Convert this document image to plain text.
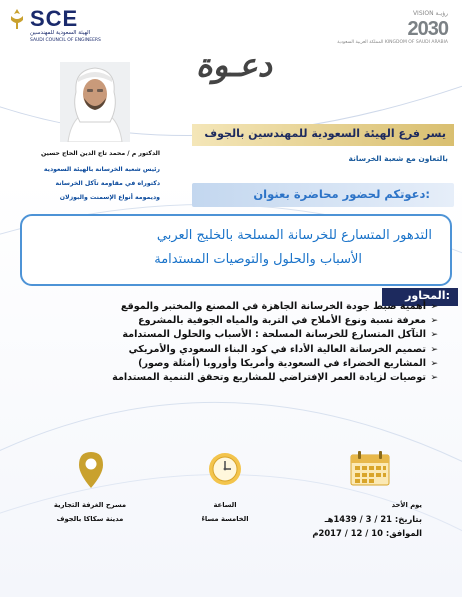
SCE
الهيئة السعودية للمهندسين
SAUDI COUNCIL OF ENGINEERS
VISION رؤيـة
2030
المملكة العربية السعودية KINGDOM OF SAUDI ARABIA
دعـوة
الدكتور م / محمد تاج الدين الحاج حسين
رئيس شعبة الخرسانة بالهيئة السعودية
دكتوراه في مقاومة تآكل الخرسانة
وديمومة أنواع الإسمنت والبوزلان
يسر فرع الهيئة السعودية للمهندسين بالجوف
بالتعاون مع شعبة الخرسانة
دعوتكم لحضور محاضرة بعنوان:
التدهور المتسارع للخرسانة المسلحة بالخليج العربي
الأسباب والحلول والتوصيات المستدامة
المحاور:
➢
أهمية ضبط جودة الخرسانة الجاهزة في المصنع والمختبر والموقع
➢
معرفة نسبة ونوع الأملاح في التربة والمياه الجوفية بالمشروع
➢
التآكل المتسارع للخرسانة المسلحة : الأسباب والحلول المستدامة
➢
تصميم الخرسانة العالية الأداء في كود البناء السعودي والأمريكي
➢
المشاريع الخضراء في السعودية وأمريكا وأوروبا (أمثلة وصور)
➢
توصيات لزيادة العمر الإفتراضي للمشاريع وتحقق التنمية المستدامة
مسرح الغرفة التجارية
مدينة سكاكا بالجوف
الساعة
الخامسة مساءً
يوم الأحد
بتاريخ: 21 / 3 / 1439هـ
الموافق: 10 / 12 / 2017م
